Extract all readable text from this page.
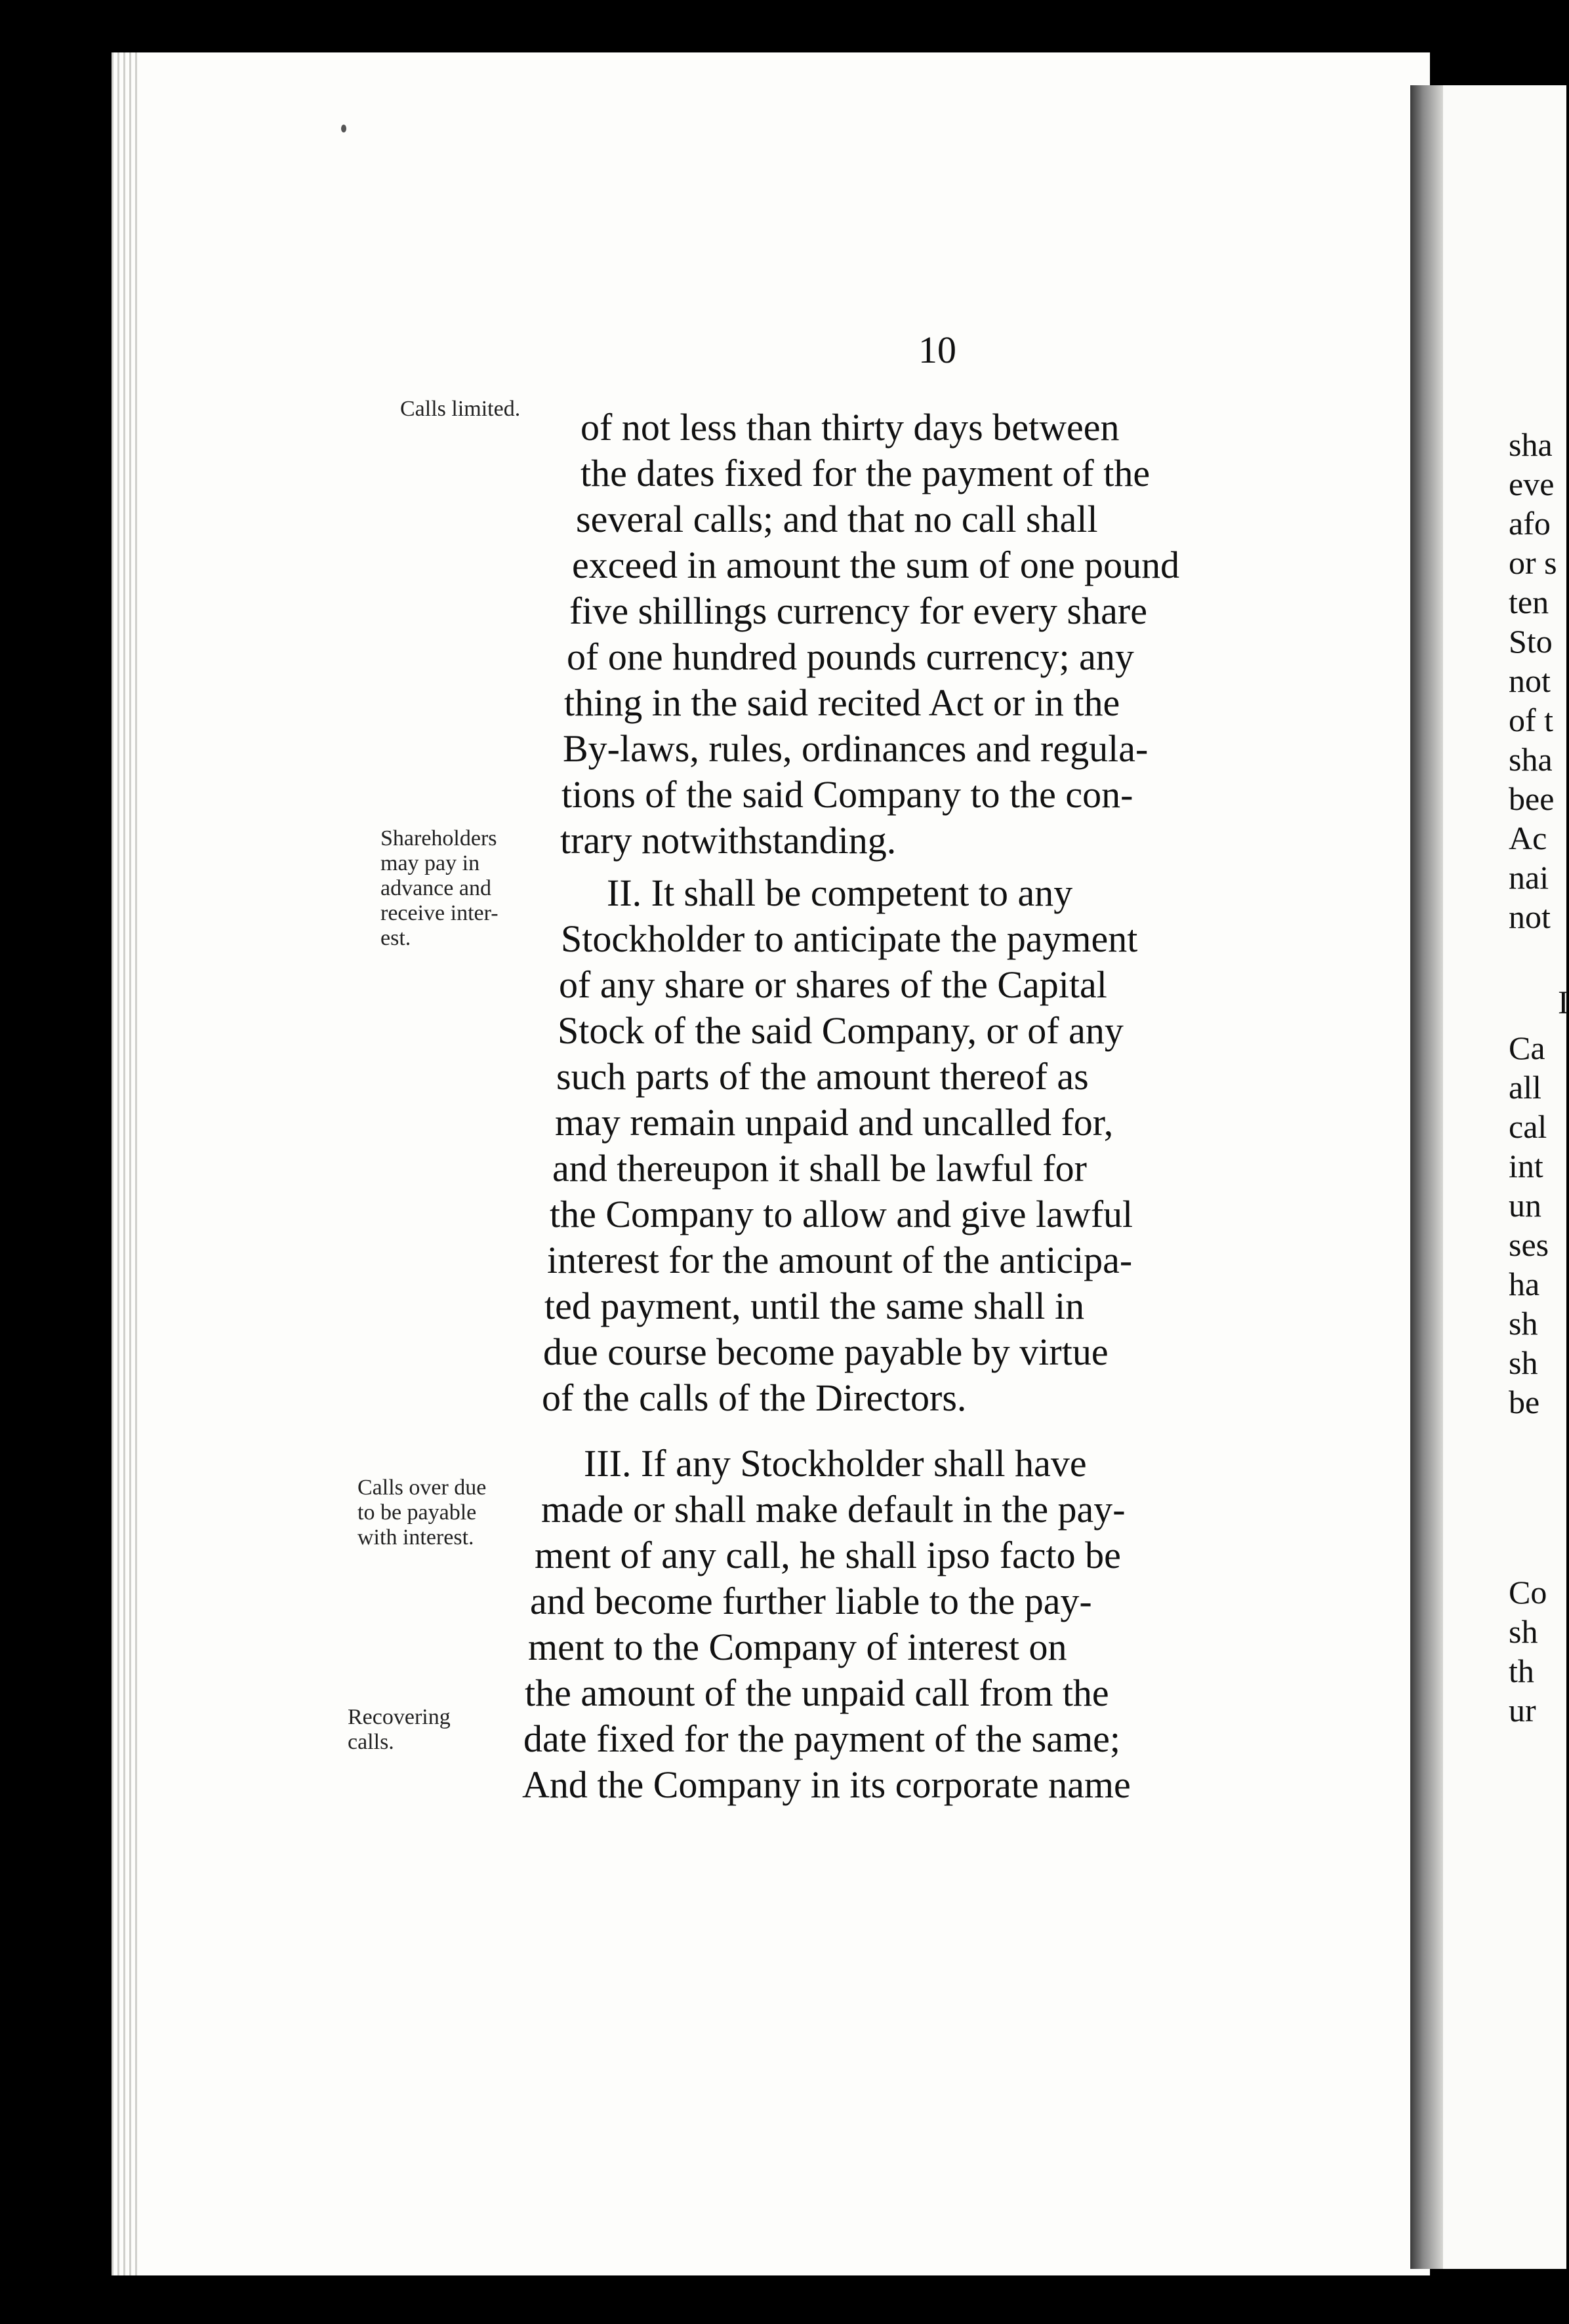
10
Calls limited.
Shareholders
may pay in
advance and
receive inter-
est.
Calls over due
to be payable
with interest.
Recovering
calls.
of not less than thirty days between
the dates fixed for the payment of the
several calls; and that no call shall
exceed in amount the sum of one pound
five shillings currency for every share
of one hundred pounds currency; any
thing in the said recited Act or in the
By-laws, rules, ordinances and regula-
tions of the said Company to the con-
trary notwithstanding.
II. It shall be competent to any
Stockholder to anticipate the payment
of any share or shares of the Capital
Stock of the said Company, or of any
such parts of the amount thereof as
may remain unpaid and uncalled for,
and thereupon it shall be lawful for
the Company to allow and give lawful
interest for the amount of the anticipa-
ted payment, until the same shall in
due course become payable by virtue
of the calls of the Directors.
III. If any Stockholder shall have
made or shall make default in the pay-
ment of any call, he shall ipso facto be
and become further liable to the pay-
ment to the Company of interest on
the amount of the unpaid call from the
date fixed for the payment of the same;
And the Company in its corporate name
sha
eve
afo
or s
ten
Sto
not
of t
sha
bee
Ac
nai
not
I
Ca
all
cal
int
un
ses
ha
sh
sh
be
Co
sh
th
ur
